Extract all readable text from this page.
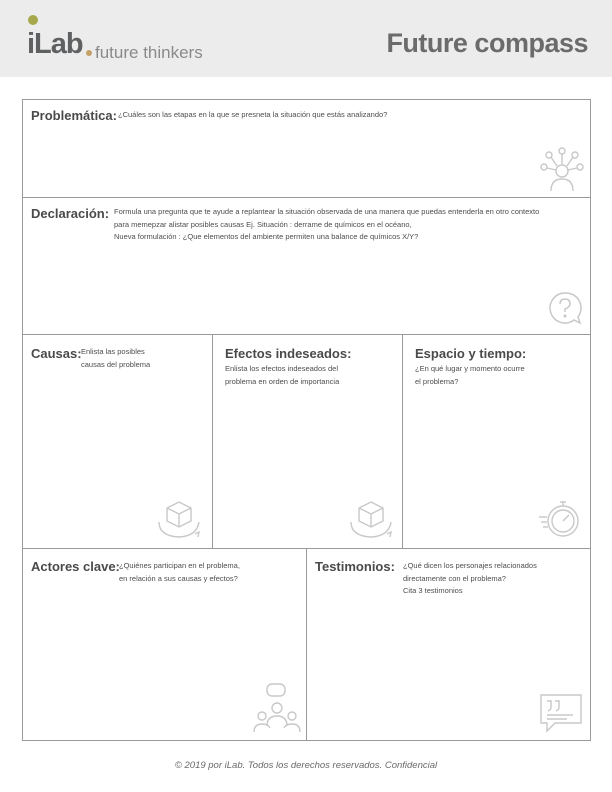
iLab future thinkers	Future compass
Problemática: ¿Cuáles son las etapas en la que se presneta la situación que estás analizando?
Declaración: Formula una pregunta que te ayude a replantear la situación observada de una manera que puedas entenderla en otro contexto
para memepzar alistar posibles causas Ej. Situación : derrame de químicos en el océano,
Nueva formulación : ¿Que elementos del ambiente permiten una balance de químicos X/Y?
Causas: Enlista las posibles
causas del problema
Efectos indeseados:
Enlista los efectos indeseados del
problema en orden de importancia
Espacio y tiempo:
¿En qué lugar y momento ocurre
el problema?
Actores clave: ¿Quiénes participan en el problema,
en relación a sus causas y efectos?
Testimonios: ¿Qué dicen los personajes relacionados
directamente con el problema?
Cita 3 testimonios
© 2019 por iLab. Todos los derechos reservados. Confidencial
